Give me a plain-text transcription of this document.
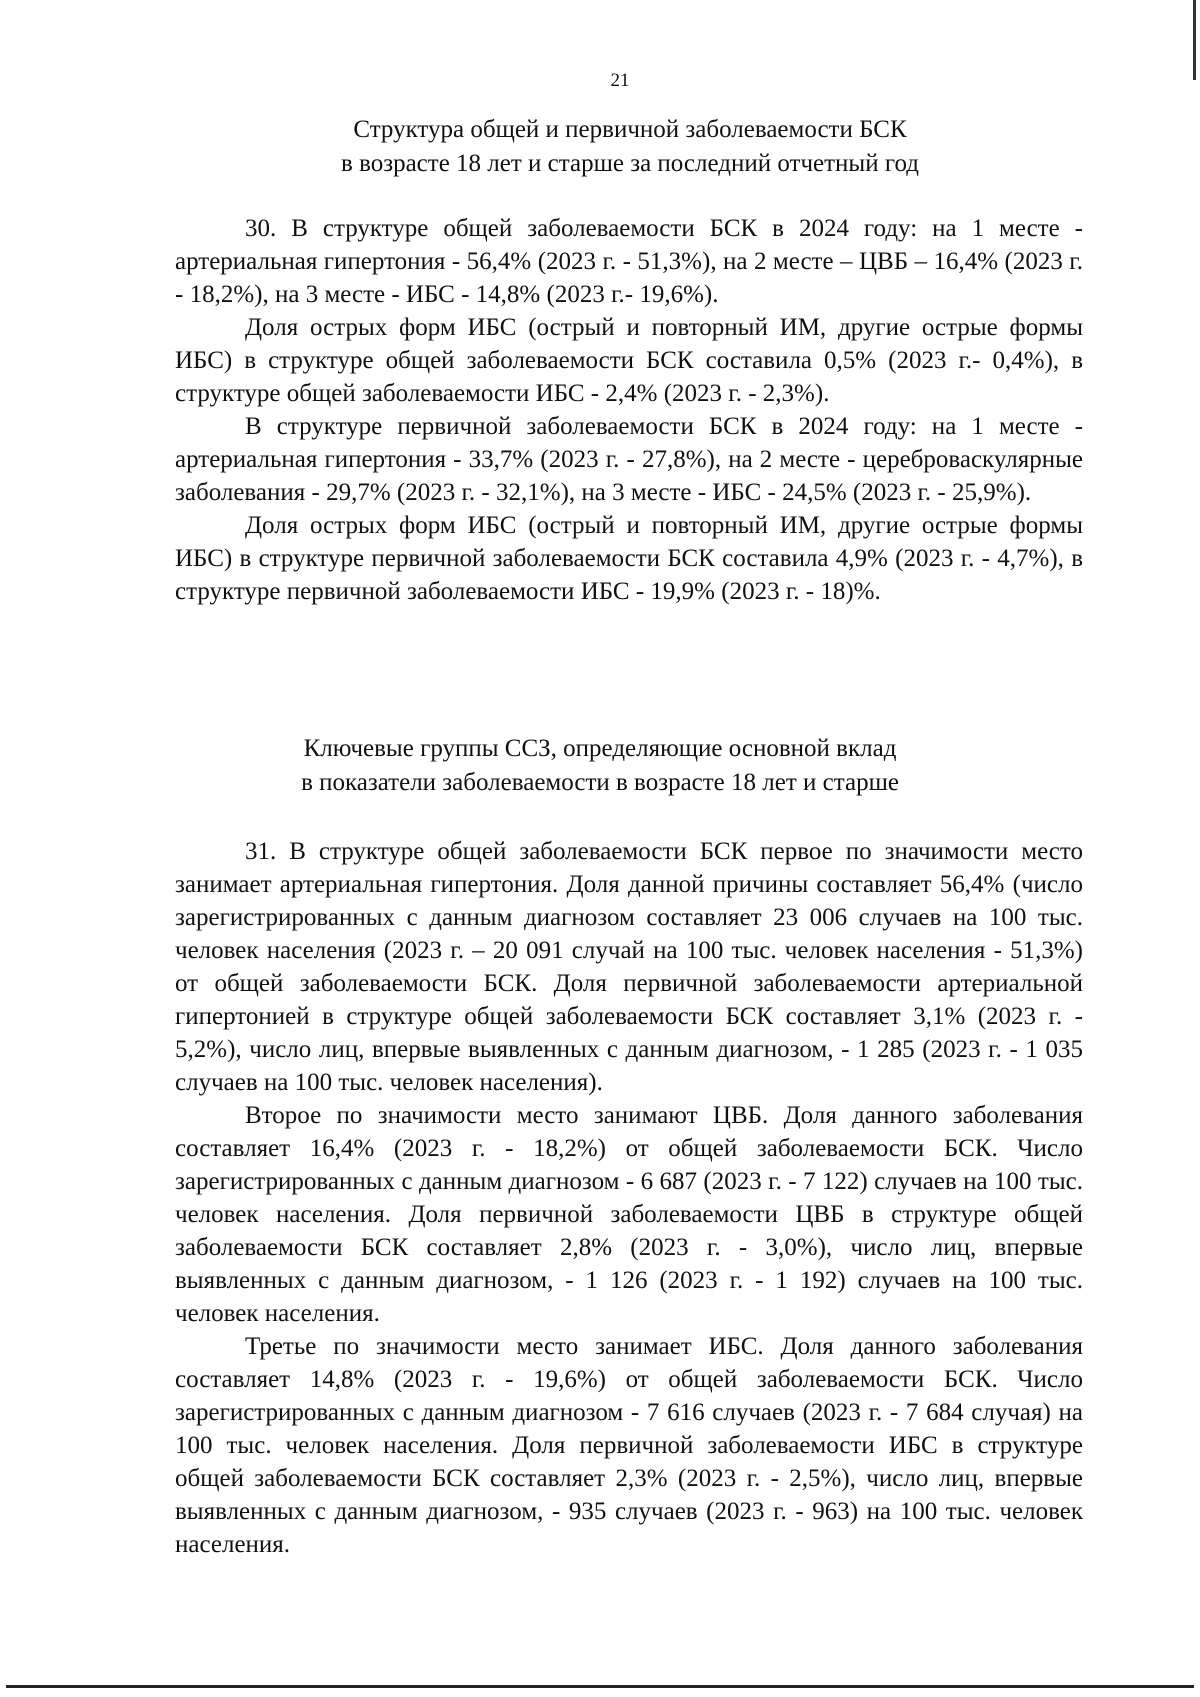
21
Структура общей и первичной заболеваемости БСК
в возрасте 18 лет и старше за последний отчетный год

30. В структуре общей заболеваемости БСК в 2024 году: на 1 месте - артериальная гипертония - 56,4% (2023 г. - 51,3%), на 2 месте – ЦВБ – 16,4% (2023 г. - 18,2%), на 3 месте - ИБС - 14,8% (2023 г.- 19,6%).

Доля острых форм ИБС (острый и повторный ИМ, другие острые формы ИБС) в структуре общей заболеваемости БСК составила 0,5% (2023 г.- 0,4%), в структуре общей заболеваемости ИБС - 2,4% (2023 г. - 2,3%).

В структуре первичной заболеваемости БСК в 2024 году: на 1 месте - артериальная гипертония - 33,7% (2023 г. - 27,8%), на 2 месте - цереброваскулярные заболевания - 29,7% (2023 г. - 32,1%), на 3 месте - ИБС - 24,5% (2023 г. - 25,9%).

Доля острых форм ИБС (острый и повторный ИМ, другие острые формы ИБС) в структуре первичной заболеваемости БСК составила 4,9% (2023 г. - 4,7%), в структуре первичной заболеваемости ИБС - 19,9% (2023 г. - 18)%.

Ключевые группы ССЗ, определяющие основной вклад
в показатели заболеваемости в возрасте 18 лет и старше

31. В структуре общей заболеваемости БСК первое по значимости место занимает артериальная гипертония. Доля данной причины составляет 56,4% (число зарегистрированных с данным диагнозом составляет 23 006 случаев на 100 тыс. человек населения (2023 г. – 20 091 случай на 100 тыс. человек населения - 51,3%) от общей заболеваемости БСК. Доля первичной заболеваемости артериальной гипертонией в структуре общей заболеваемости БСК составляет 3,1% (2023 г. - 5,2%), число лиц, впервые выявленных с данным диагнозом, - 1 285 (2023 г. - 1 035 случаев на 100 тыс. человек населения).

Второе по значимости место занимают ЦВБ. Доля данного заболевания составляет 16,4% (2023 г. - 18,2%) от общей заболеваемости БСК. Число зарегистрированных с данным диагнозом - 6 687 (2023 г. - 7 122) случаев на 100 тыс. человек населения. Доля первичной заболеваемости ЦВБ в структуре общей заболеваемости БСК составляет 2,8% (2023 г. - 3,0%), число лиц, впервые выявленных с данным диагнозом, - 1 126 (2023 г. - 1 192) случаев на 100 тыс. человек населения.

Третье по значимости место занимает ИБС. Доля данного заболевания составляет 14,8% (2023 г. - 19,6%) от общей заболеваемости БСК. Число зарегистрированных с данным диагнозом - 7 616 случаев (2023 г. - 7 684 случая) на 100 тыс. человек населения. Доля первичной заболеваемости ИБС в структуре общей заболеваемости БСК составляет 2,3% (2023 г. - 2,5%), число лиц, впервые выявленных с данным диагнозом, - 935 случаев (2023 г. - 963) на 100 тыс. человек населения.
